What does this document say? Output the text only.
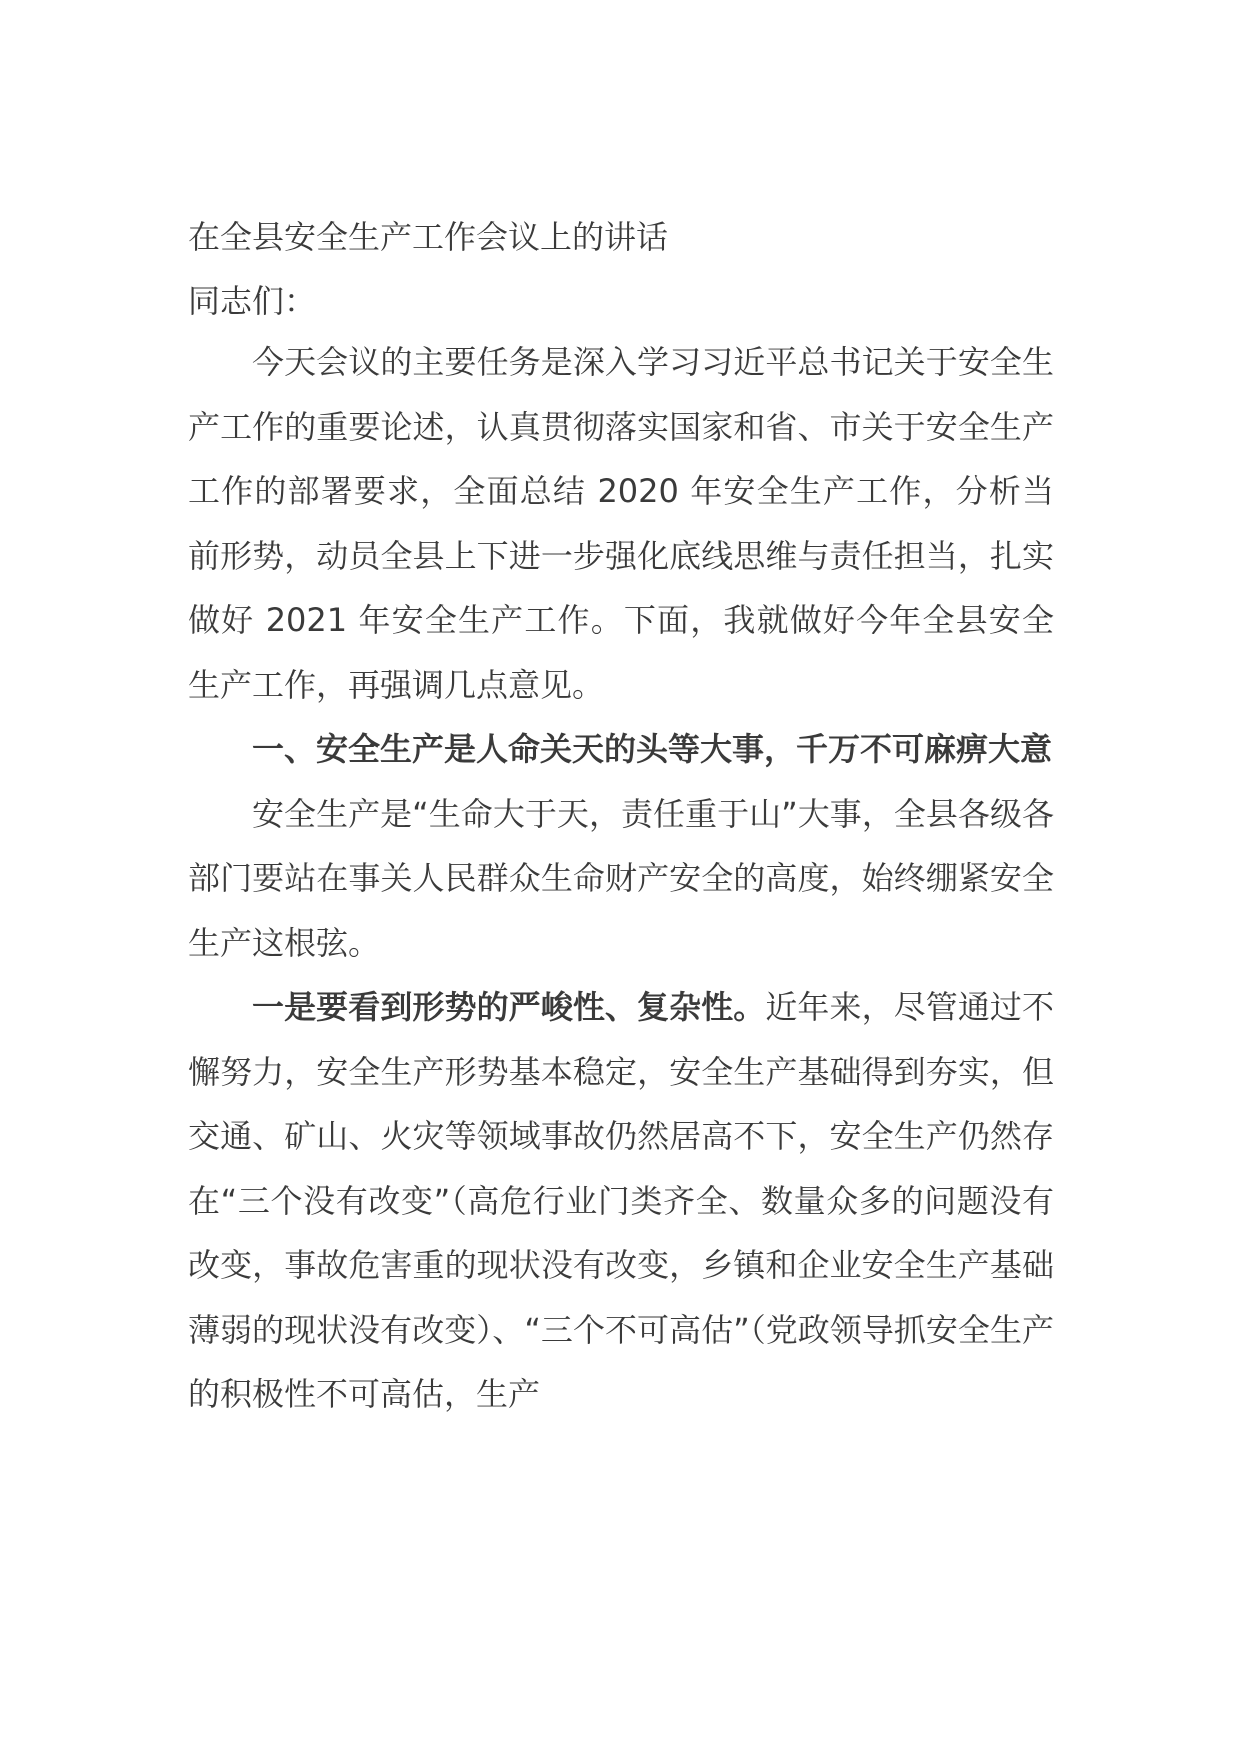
在全县安全生产工作会议上的讲话
同志们：

今天会议的主要任务是深入学习习近平总书记关于安全生产工作的重要论述，认真贯彻落实国家和省、市关于安全生产工作的部署要求，全面总结 2020 年安全生产工作，分析当前形势，动员全县上下进一步强化底线思维与责任担当，扎实做好 2021 年安全生产工作。下面，我就做好今年全县安全生产工作，再强调几点意见。

一、安全生产是人命关天的头等大事，千万不可麻痹大意

安全生产是“生命大于天，责任重于山”大事，全县各级各部门要站在事关人民群众生命财产安全的高度，始终绷紧安全生产这根弦。

一是要看到形势的严峻性、复杂性。近年来，尽管通过不懈努力，安全生产形势基本稳定，安全生产基础得到夯实，但交通、矿山、火灾等领域事故仍然居高不下，安全生产仍然存在“三个没有改变”（高危行业门类齐全、数量众多的问题没有改变，事故危害重的现状没有改变，乡镇和企业安全生产基础薄弱的现状没有改变）、“三个不可高估”（党政领导抓安全生产的积极性不可高估，生产
